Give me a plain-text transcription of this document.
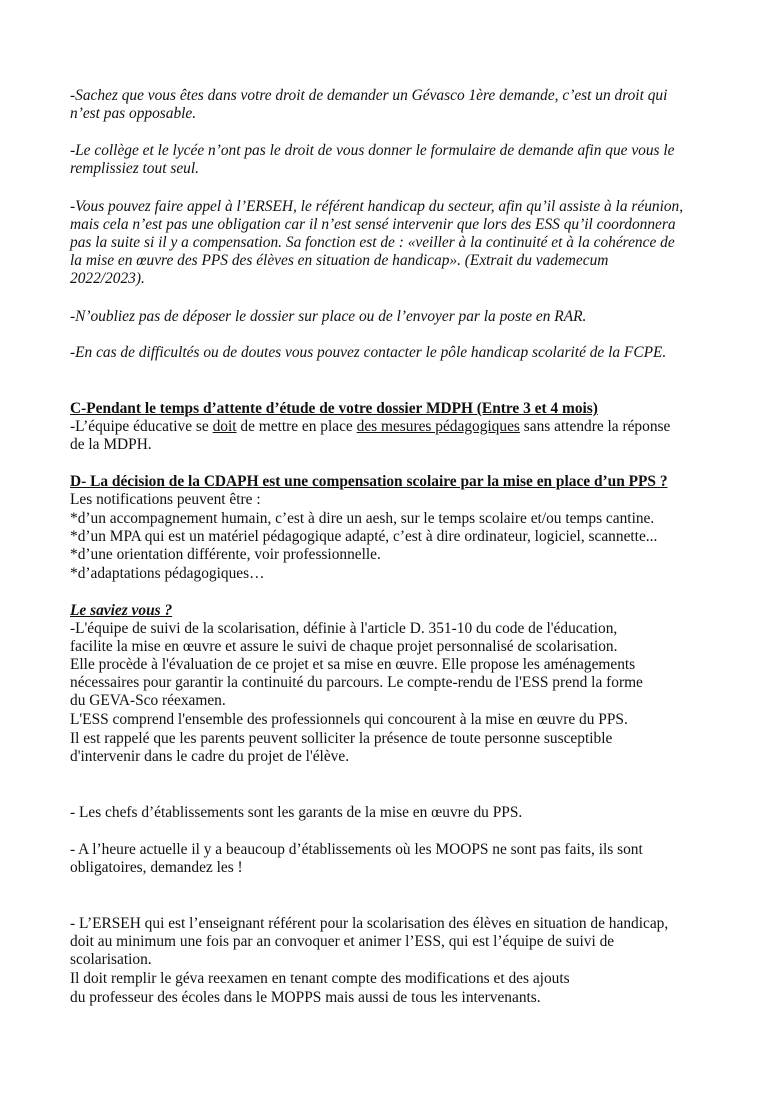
-Sachez que vous êtes dans votre droit de demander un Gévasco 1ère demande, c’est un droit qui
n’est pas opposable.
-Le collège et le lycée n’ont pas le droit de vous donner le formulaire de demande afin que vous le
remplissiez tout seul.
-Vous pouvez faire appel à l’ERSEH, le référent handicap du secteur, afin qu’il assiste à la réunion,
mais cela n’est pas une obligation car il n’est sensé intervenir que lors des ESS qu’il coordonnera
pas la suite si il y a compensation. Sa fonction est de : «veiller à la continuité et à la cohérence de
la mise en œuvre des PPS des élèves en situation de handicap». (Extrait du vademecum
2022/2023).
-N’oubliez pas de déposer le dossier sur place ou de l’envoyer par la poste en RAR.
-En cas de difficultés ou de doutes vous pouvez contacter le pôle handicap scolarité de la FCPE.
C-Pendant le temps d’attente d’étude de votre dossier MDPH (Entre 3 et 4 mois)
-L’équipe éducative se doit de mettre en place des mesures pédagogiques sans attendre la réponse
de la MDPH.
D- La décision de la CDAPH est une compensation scolaire par la mise en place d’un PPS ?
Les notifications peuvent être :
*d’un accompagnement humain, c’est à dire un aesh, sur le temps scolaire et/ou temps cantine.
*d’un MPA qui est un matériel pédagogique adapté, c’est à dire ordinateur, logiciel, scannette...
*d’une orientation différente, voir professionnelle.
*d’adaptations pédagogiques…
Le saviez vous ?
-L'équipe de suivi de la scolarisation, définie à l'article D. 351-10 du code de l'éducation,
facilite la mise en œuvre et assure le suivi de chaque projet personnalisé de scolarisation.
Elle procède à l'évaluation de ce projet et sa mise en œuvre. Elle propose les aménagements
nécessaires pour garantir la continuité du parcours. Le compte-rendu de l'ESS prend la forme
du GEVA-Sco réexamen.
L'ESS comprend l'ensemble des professionnels qui concourent à la mise en œuvre du PPS.
Il est rappelé que les parents peuvent solliciter la présence de toute personne susceptible
d'intervenir dans le cadre du projet de l'élève.
- Les chefs d’établissements sont les garants de la mise en œuvre du PPS.
- A l’heure actuelle il y a beaucoup d’établissements où les MOOPS ne sont pas faits, ils sont
obligatoires, demandez les !
- L’ERSEH qui est l’enseignant référent pour la scolarisation des élèves en situation de handicap,
doit au minimum une fois par an convoquer et animer l’ESS, qui est l’équipe de suivi de
scolarisation.
Il doit remplir le géva reexamen en tenant compte des modifications et des ajouts
du professeur des écoles dans le MOPPS mais aussi de tous les intervenants.
